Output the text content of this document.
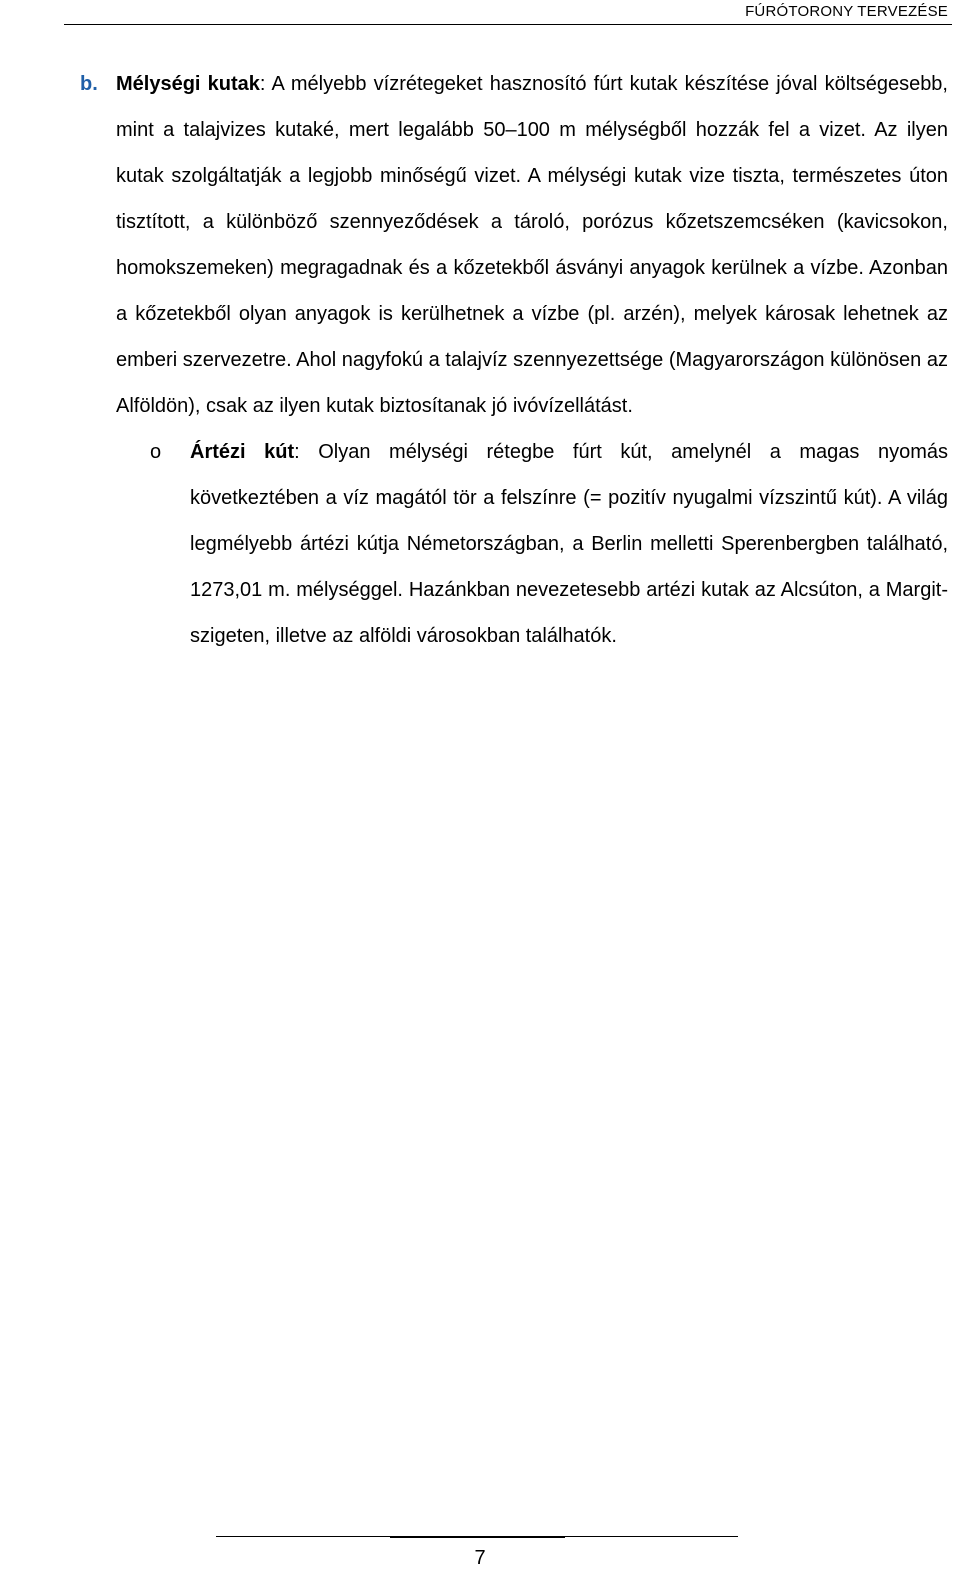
FÚRÓTORONY TERVEZÉSE
b. Mélységi kutak: A mélyebb vízrétegeket hasznosító fúrt kutak készítése jóval költségesebb, mint a talajvizes kutaké, mert legalább 50–100 m mélységből hozzák fel a vizet. Az ilyen kutak szolgáltatják a legjobb minőségű vizet. A mélységi kutak vize tiszta, természetes úton tisztított, a különböző szennyeződések a tároló, porózus kőzetszemcséken (kavicsokon, homokszemeken) megragadnak és a kőzetekből ásványi anyagok kerülnek a vízbe. Azonban a kőzetekből olyan anyagok is kerülhetnek a vízbe (pl. arzén), melyek károsak lehetnek az emberi szervezetre. Ahol nagyfokú a talajvíz szennyezettsége (Magyarországon különösen az Alföldön), csak az ilyen kutak biztosítanak jó ivóvízellátást.

o Ártézi kút: Olyan mélységi rétegbe fúrt kút, amelynél a magas nyomás következtében a víz magától tör a felszínre (= pozitív nyugalmi vízszintű kút). A világ legmélyebb ártézi kútja Németországban, a Berlin melletti Sperenbergben található, 1273,01 m. mélységgel. Hazánkban nevezetesebb artézi kutak az Alcsúton, a Margit-szigeten, illetve az alföldi városokban találhatók.

7
